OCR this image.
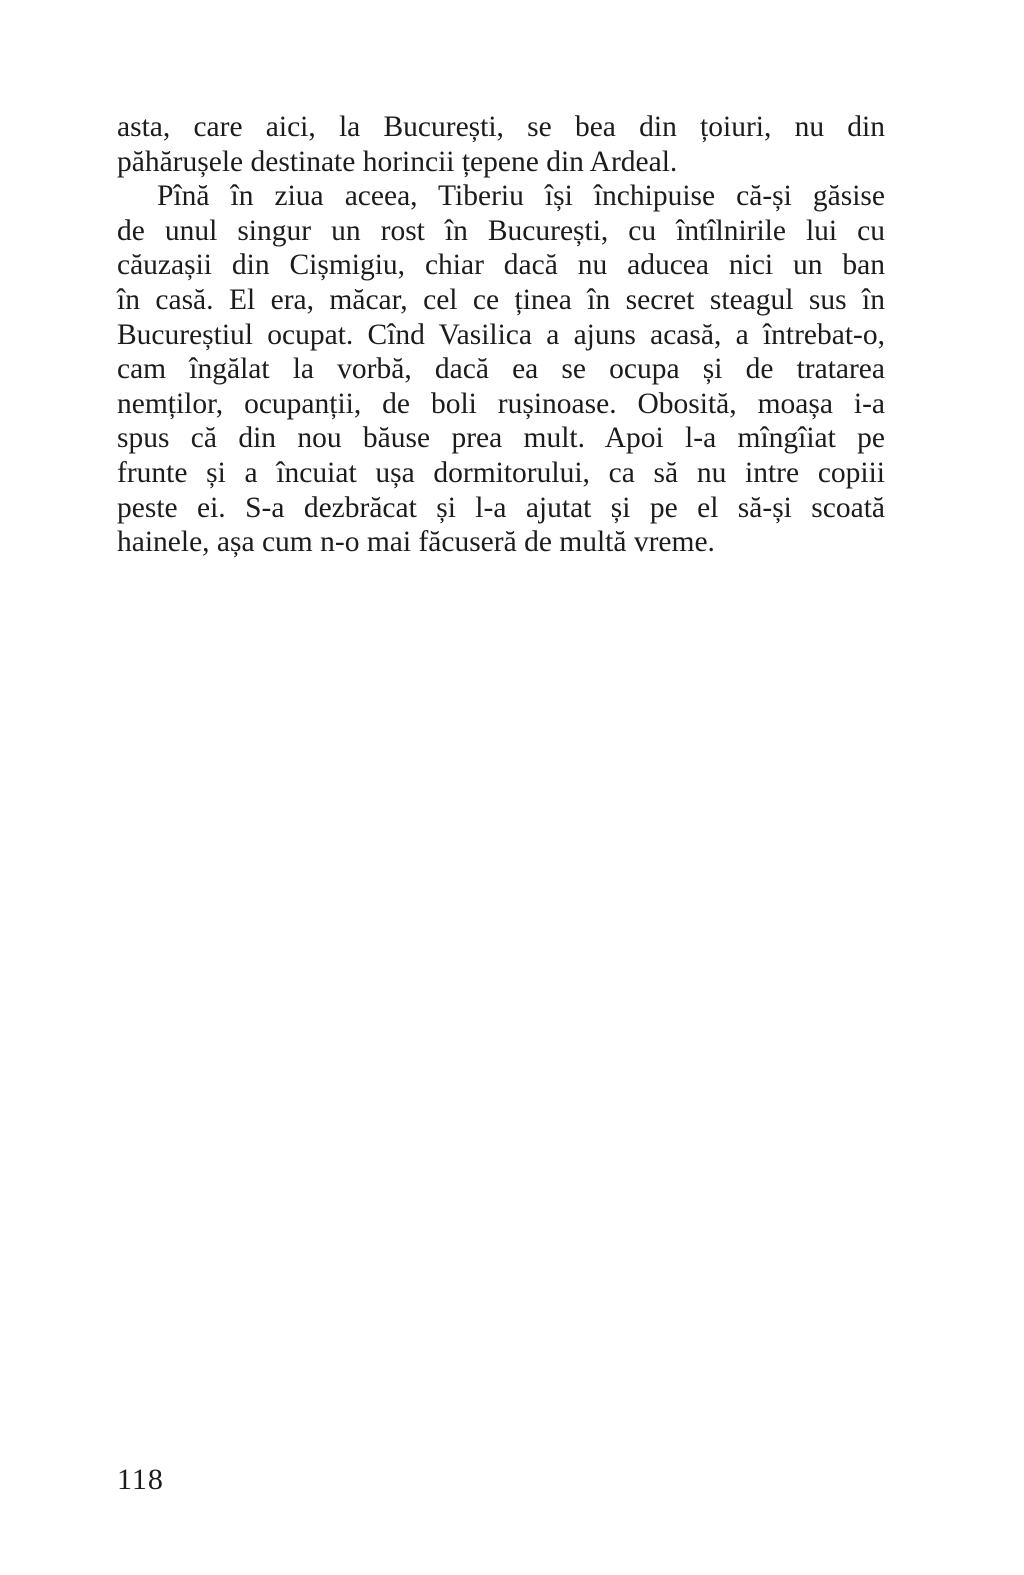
asta, care aici, la București, se bea din țoiuri, nu din
păhărușele destinate horincii țepene din Ardeal.
Pînă în ziua aceea, Tiberiu își închipuise că-și găsise
de unul singur un rost în București, cu întîlnirile lui cu
căuzașii din Cișmigiu, chiar dacă nu aducea nici un ban
în casă. El era, măcar, cel ce ținea în secret steagul sus în
Bucureștiul ocupat. Cînd Vasilica a ajuns acasă, a întrebat-o,
cam îngălat la vorbă, dacă ea se ocupa și de tratarea
nemților, ocupanții, de boli rușinoase. Obosită, moașa i-a
spus că din nou băuse prea mult. Apoi l-a mîngîiat pe
frunte și a încuiat ușa dormitorului, ca să nu intre copiii
peste ei. S-a dezbrăcat și l-a ajutat și pe el să-și scoată
hainele, așa cum n-o mai făcuseră de multă vreme.
118
